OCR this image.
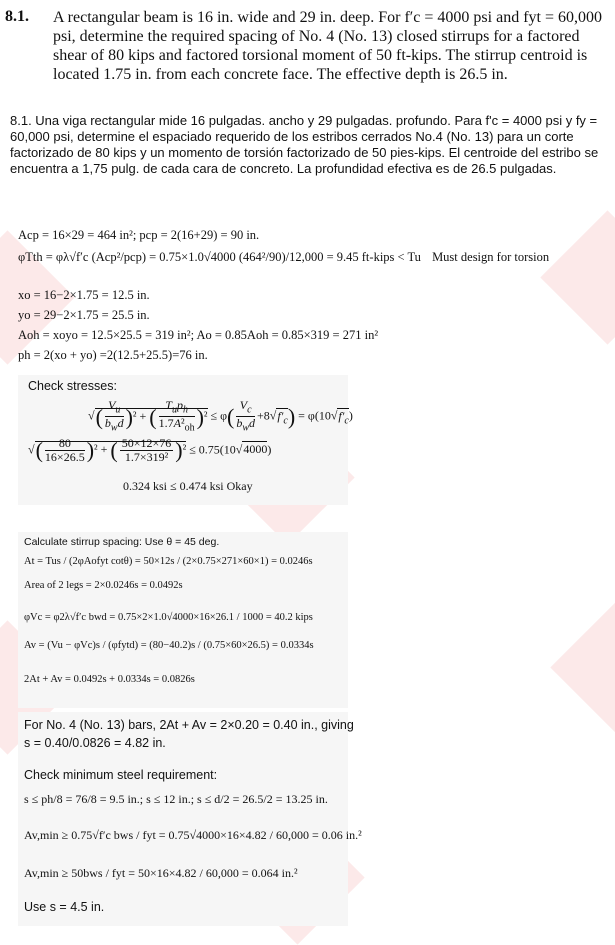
8.1. A rectangular beam is 16 in. wide and 29 in. deep. For f′c = 4000 psi and fyt = 60,000 psi, determine the required spacing of No. 4 (No. 13) closed stirrups for a factored shear of 80 kips and factored torsional moment of 50 ft-kips. The stirrup centroid is located 1.75 in. from each concrete face. The effective depth is 26.5 in.
8.1. Una viga rectangular mide 16 pulgadas. ancho y 29 pulgadas. profundo. Para f'c = 4000 psi y fy = 60,000 psi, determine el espaciado requerido de los estribos cerrados No.4 (No. 13) para un corte factorizado de 80 kips y un momento de torsión factorizado de 50 pies-kips. El centroide del estribo se encuentra a 1,75 pulg. de cada cara de concreto. La profundidad efectiva es de 26.5 pulgadas.
Acp = 16×29 = 464 in²; pcp = 2(16+29) = 90 in.
φTth = φλ√f′c (Acp²/pcp) = 0.75×1.0√4000 (464²/90)/12,000 = 9.45 ft-kips < Tu Must design for torsion
xo = 16−2×1.75 = 12.5 in.
yo = 29−2×1.75 = 25.5 in.
Aoh = xoyo = 12.5×25.5 = 319 in²; Ao = 0.85Aoh = 0.85×319 = 271 in²
ph = 2(xo + yo) =2(12.5+25.5)=76 in.
Check stresses:
√( $\frac{V_u}{b_wd} )^2$ + ( $\frac{T_up_h}{1.7A^2_{oh}} )^2 \le \varphi( \frac{V_c}{b_wd} +8√f'_c) = \varphi(10√f'_c)$
√( $\frac{80}{16\times 26.5} )^2$ + ( $\frac{50\times 12\times 76}{\text{1.7×319²}} )^2 \le 0.75(10√4000)$
0.324 ksi ≤ 0.474 ksi Okay
Calculate stirrup spacing: Use θ = 45 deg.
At = Tus / (2φAofyt cotθ) = 50×12s / (2×0.75×271×60×1) = 0.0246s
Area of 2 legs = 2×0.0246s = 0.0492s
φVc = φ2λ√f′c bwd = 0.75×2×1.0√4000×16×26.1 / 1000 = 40.2 kips
Av = (Vu − φVc)s / (φfytd) = (80−40.2)s / (0.75×60×26.5) = 0.0334s
2At + Av = 0.0492s + 0.0334s = 0.0826s
For No. 4 (No. 13) bars, 2At + Av = 2×0.20 = 0.40 in., giving
s = 0.40/0.0826 = 4.82 in.
Check minimum steel requirement:
s ≤ ph/8 = 76/8 = 9.5 in.; s ≤ 12 in.; s ≤ d/2 = 26.5/2 = 13.25 in.
Av,min ≥ 0.75√f′c bws / fyt = 0.75√4000×16×4.82 / 60,000 = 0.06 in.²
Av,min ≥ 50bws / fyt = 50×16×4.82 / 60,000 = 0.064 in.²
Use s = 4.5 in.
